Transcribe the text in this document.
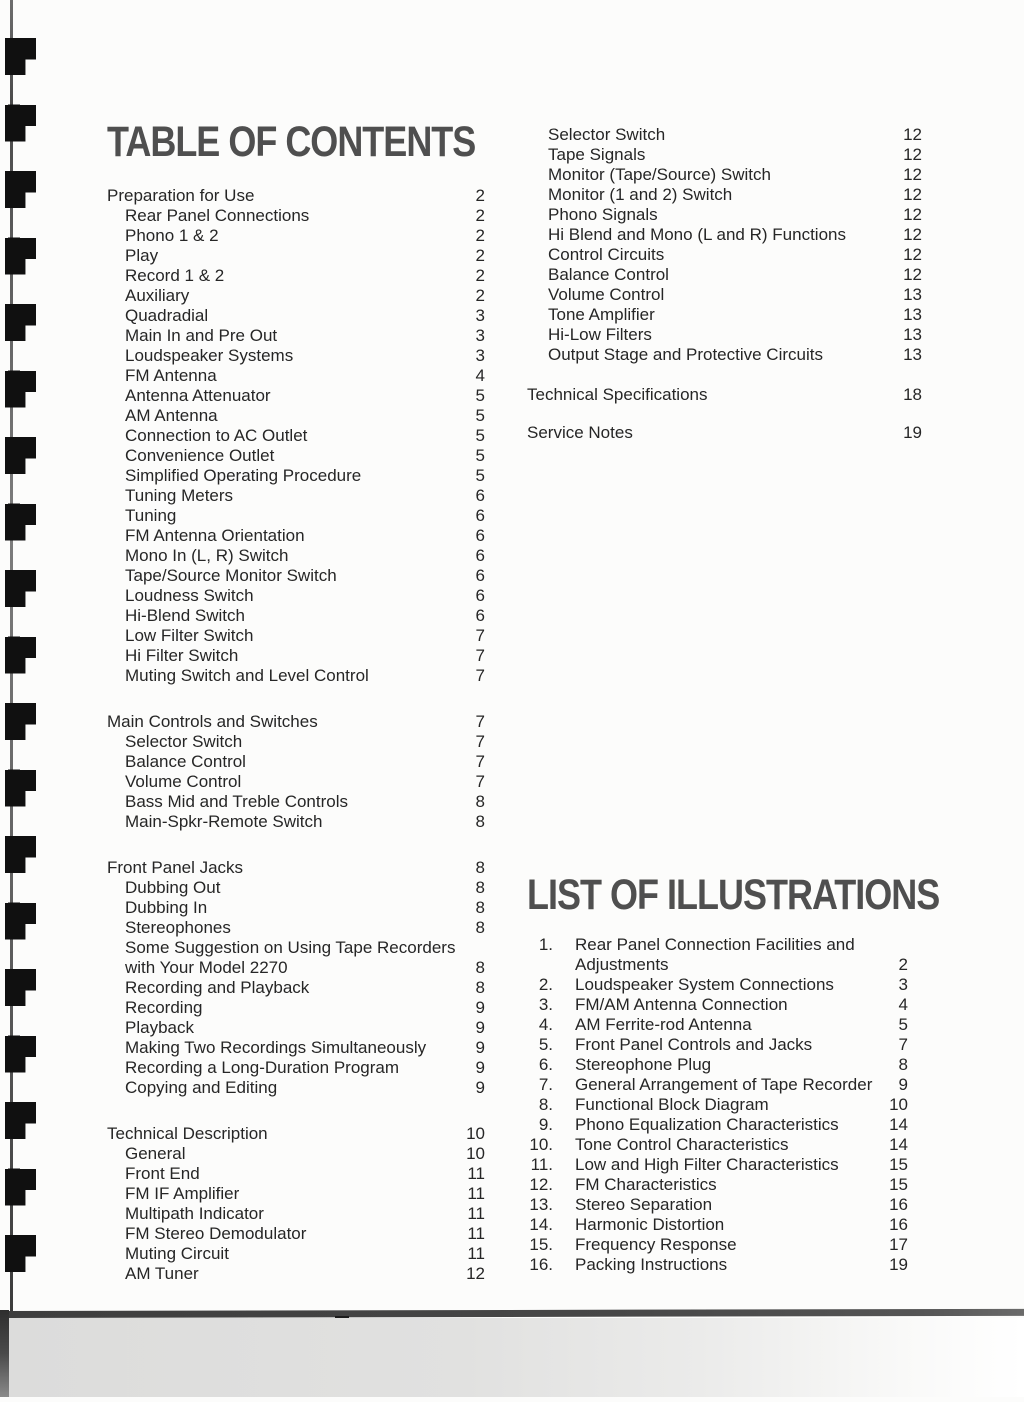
TABLE OF CONTENTS
Preparation for Use	2
Rear Panel Connections	2
Phono 1 & 2	2
Play	2
Record 1 & 2	2
Auxiliary	2
Quadradial	3
Main In and Pre Out	3
Loudspeaker Systems	3
FM Antenna	4
Antenna Attenuator	5
AM Antenna	5
Connection to AC Outlet	5
Convenience Outlet	5
Simplified Operating Procedure	5
Tuning Meters	6
Tuning	6
FM Antenna Orientation	6
Mono In (L, R) Switch	6
Tape/Source Monitor Switch	6
Loudness Switch	6
Hi-Blend Switch	6
Low Filter Switch	7
Hi Filter Switch	7
Muting Switch and Level Control	7
Main Controls and Switches	7
Selector Switch	7
Balance Control	7
Volume Control	7
Bass Mid and Treble Controls	8
Main-Spkr-Remote Switch	8
Front Panel Jacks	8
Dubbing Out	8
Dubbing In	8
Stereophones	8
Some Suggestion on Using Tape Recorders
with Your Model 2270	8
Recording and Playback	8
Recording	9
Playback	9
Making Two Recordings Simultaneously	9
Recording a Long-Duration Program	9
Copying and Editing	9
Technical Description	10
General	10
Front End	11
FM IF Amplifier	11
Multipath Indicator	11
FM Stereo Demodulator	11
Muting Circuit	11
AM Tuner	12
Selector Switch	12
Tape Signals	12
Monitor (Tape/Source) Switch	12
Monitor (1 and 2) Switch	12
Phono Signals	12
Hi Blend and Mono (L and R) Functions	12
Control Circuits	12
Balance Control	12
Volume Control	13
Tone Amplifier	13
Hi-Low Filters	13
Output Stage and Protective Circuits	13
Technical Specifications	18
Service Notes	19
LIST OF ILLUSTRATIONS
1. Rear Panel Connection Facilities and
Adjustments	2
2. Loudspeaker System Connections	3
3. FM/AM Antenna Connection	4
4. AM Ferrite-rod Antenna	5
5. Front Panel Controls and Jacks	7
6. Stereophone Plug	8
7. General Arrangement of Tape Recorder	9
8. Functional Block Diagram	10
9. Phono Equalization Characteristics	14
10. Tone Control Characteristics	14
11. Low and High Filter Characteristics	15
12. FM Characteristics	15
13. Stereo Separation	16
14. Harmonic Distortion	16
15. Frequency Response	17
16. Packing Instructions	19
